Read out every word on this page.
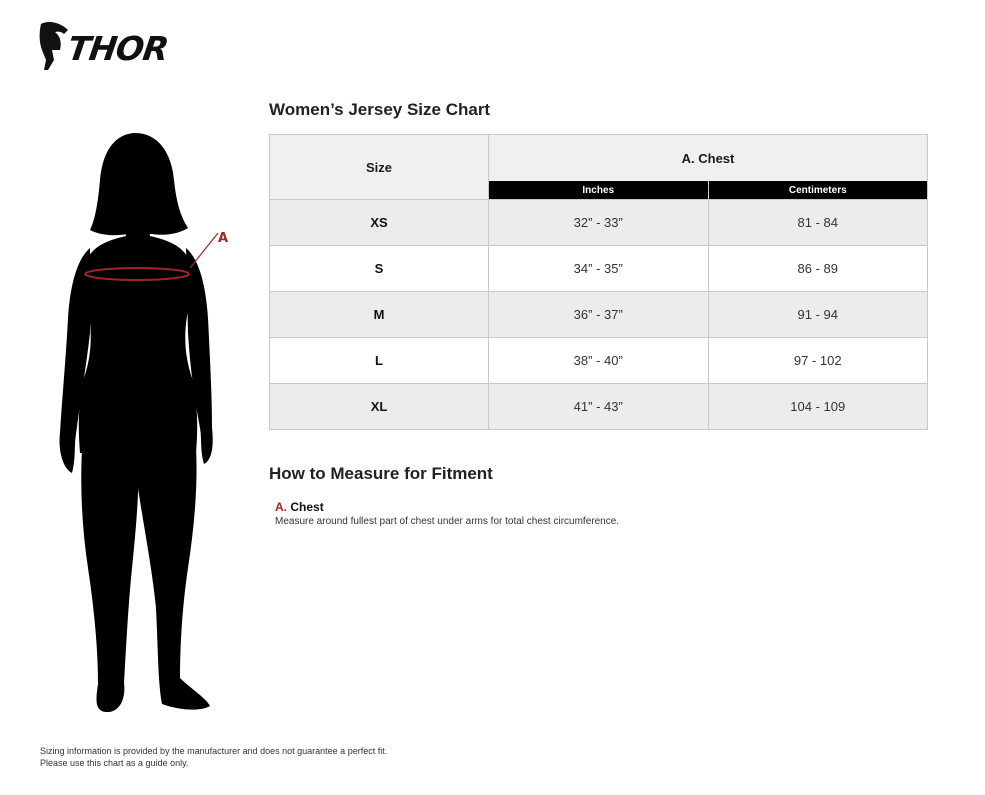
THOR
A
Women’s Jersey Size Chart
Size	A. Chest	
	Inches	Centimeters
XS	32” - 33”	81 - 84
S	34” - 35”	86 - 89
M	36” - 37”	91 - 94
L	38” - 40”	97 - 102
XL	41” - 43”	104 - 109
How to Measure for Fitment
A. Chest
Measure around fullest part of chest under arms for total chest circumference.
Sizing information is provided by the manufacturer and does not guarantee a perfect fit.
Please use this chart as a guide only.
